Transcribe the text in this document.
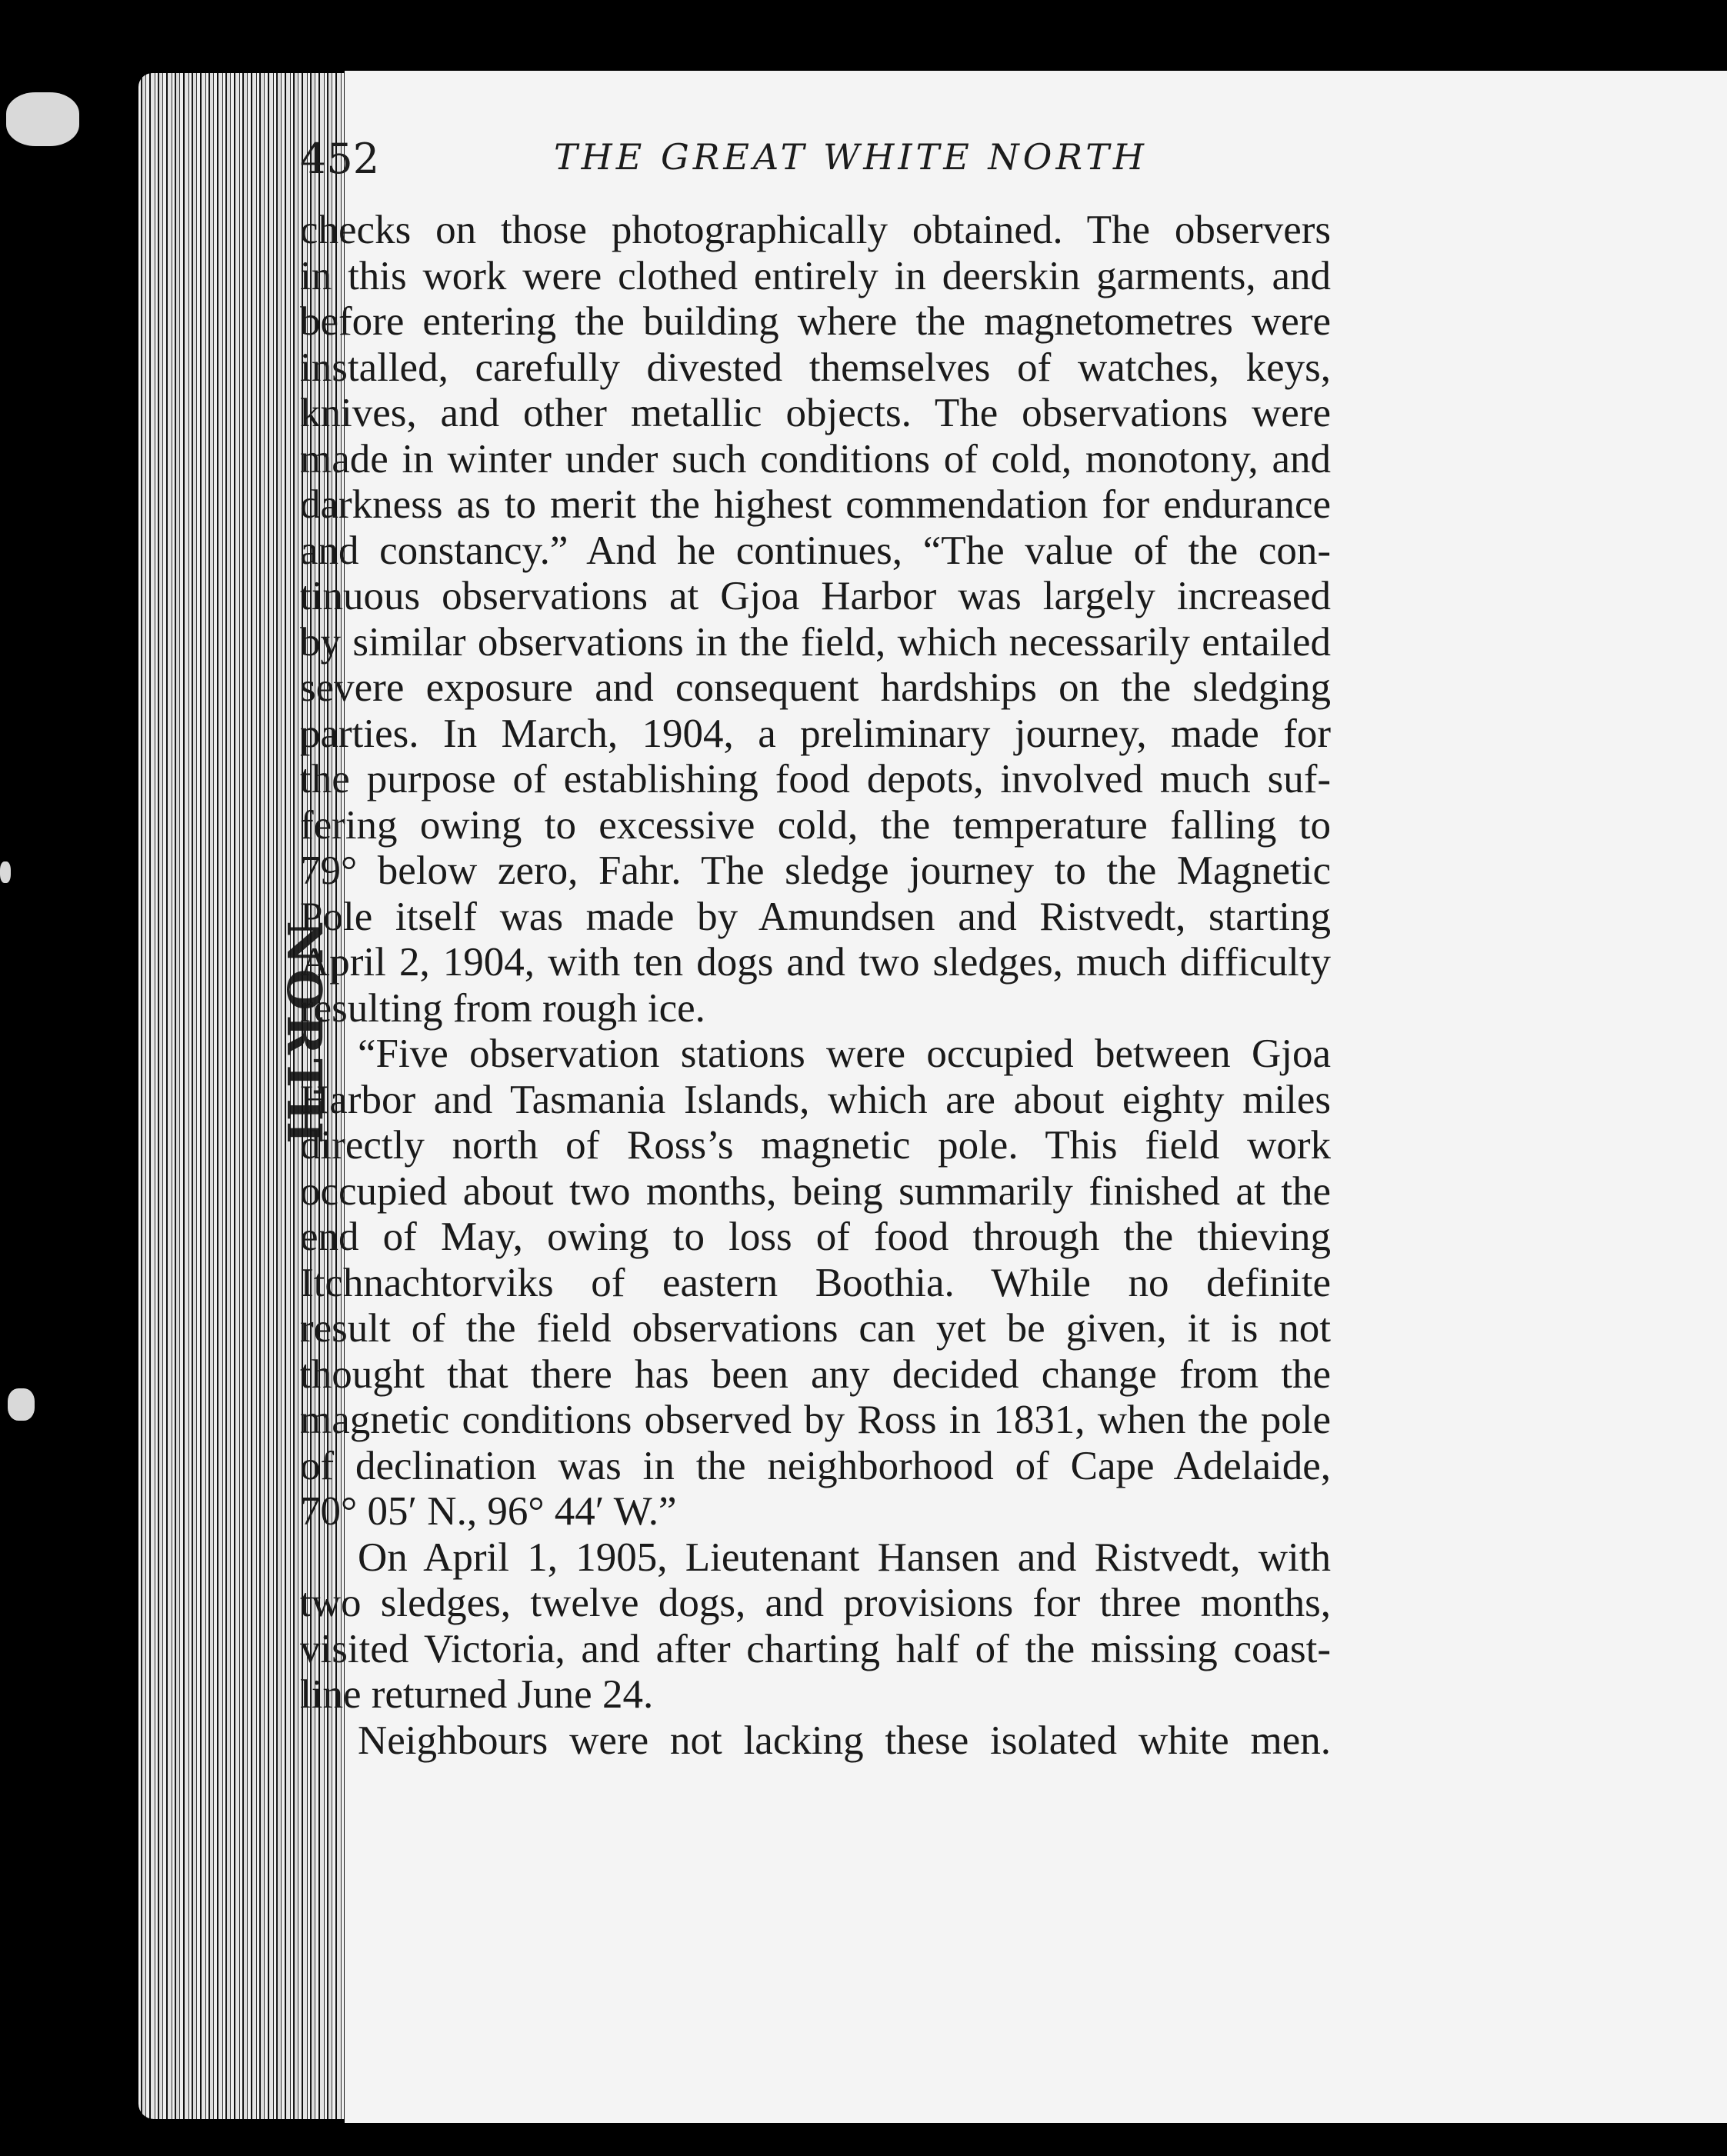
NORTH
452	THE GREAT WHITE NORTH
checks on those photographically obtained. The observers
in this work were clothed entirely in deerskin garments, and
before entering the building where the magnetometres were
installed, carefully divested themselves of watches, keys,
knives, and other metallic objects. The observations were
made in winter under such conditions of cold, monotony, and
darkness as to merit the highest commendation for endurance
and constancy.” And he continues, “The value of the con-
tinuous observations at Gjoa Harbor was largely increased
by similar observations in the field, which necessarily entailed
severe exposure and consequent hardships on the sledging
parties. In March, 1904, a preliminary journey, made for
the purpose of establishing food depots, involved much suf-
fering owing to excessive cold, the temperature falling to
79° below zero, Fahr. The sledge journey to the Magnetic
Pole itself was made by Amundsen and Ristvedt, starting
April 2, 1904, with ten dogs and two sledges, much difficulty
resulting from rough ice.
“Five observation stations were occupied between Gjoa
Harbor and Tasmania Islands, which are about eighty miles
directly north of Ross’s magnetic pole. This field work
occupied about two months, being summarily finished at the
end of May, owing to loss of food through the thieving
Itchnachtorviks of eastern Boothia. While no definite
result of the field observations can yet be given, it is not
thought that there has been any decided change from the
magnetic conditions observed by Ross in 1831, when the pole
of declination was in the neighborhood of Cape Adelaide,
70° 05′ N., 96° 44′ W.”
On April 1, 1905, Lieutenant Hansen and Ristvedt, with
two sledges, twelve dogs, and provisions for three months,
visited Victoria, and after charting half of the missing coast-
line returned June 24.
Neighbours were not lacking these isolated white men.
